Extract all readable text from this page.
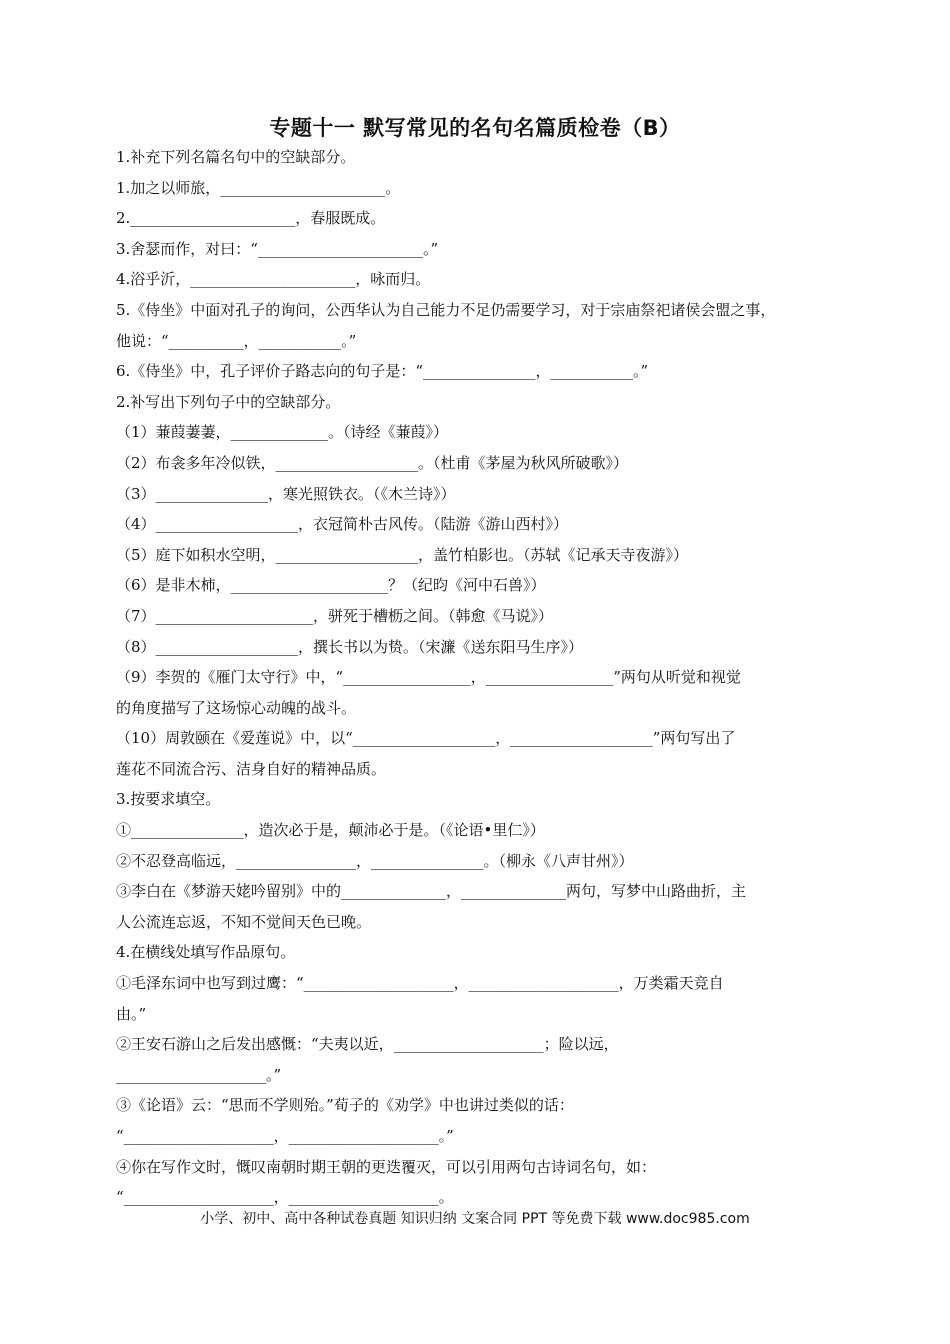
专题十一 默写常见的名句名篇质检卷（B）
1.补充下列名篇名句中的空缺部分。
1.加之以师旅，______________________。
2.______________________，春服既成。
3.舍瑟而作，对曰：“______________________。”
4.浴乎沂，______________________，咏而归。
5.《侍坐》中面对孔子的询问，公西华认为自己能力不足仍需要学习，对于宗庙祭祀诸侯会盟之事，
他说：“__________，___________。”
6.《侍坐》中，孔子评价子路志向的句子是：“_______________，___________。”
2.补写出下列句子中的空缺部分。
（1）蒹葭萋萋，_____________。（诗经《蒹葭》）
（2）布衾多年冷似铁，___________________。（杜甫《茅屋为秋风所破歌》）
（3）_______________，寒光照铁衣。（《木兰诗》）
（4）___________________，衣冠简朴古风传。（陆游《游山西村》）
（5）庭下如积水空明，___________________，盖竹柏影也。（苏轼《记承天寺夜游》）
（6）是非木柿，_____________________？（纪昀《河中石兽》）
（7）_____________________，骈死于槽枥之间。（韩愈《马说》）
（8）___________________，撰长书以为贽。（宋濂《送东阳马生序》）
（9）李贺的《雁门太守行》中，“_________________，_________________”两句从听觉和视觉
的角度描写了这场惊心动魄的战斗。
（10）周敦颐在《爱莲说》中，以“___________________，___________________”两句写出了
莲花不同流合污、洁身自好的精神品质。
3.按要求填空。
①_______________，造次必于是，颠沛必于是。（《论语•里仁》）
②不忍登高临远，________________，_______________。（柳永《八声甘州》）
③李白在《梦游天姥吟留别》中的______________，______________两句，写梦中山路曲折，主
人公流连忘返，不知不觉间天色已晚。
4.在横线处填写作品原句。
①毛泽东词中也写到过鹰：“____________________，____________________，万类霜天竞自
由。”
②王安石游山之后发出感慨：“夫夷以近，____________________；险以远，
____________________。”
③《论语》云：“思而不学则殆。”荀子的《劝学》中也讲过类似的话：
“____________________，____________________。”
④你在写作文时，慨叹南朝时期王朝的更迭覆灭，可以引用两句古诗词名句，如：
“____________________，____________________。
小学、初中、高中各种试卷真题 知识归纳 文案合同 PPT 等免费下载 www.doc985.com
